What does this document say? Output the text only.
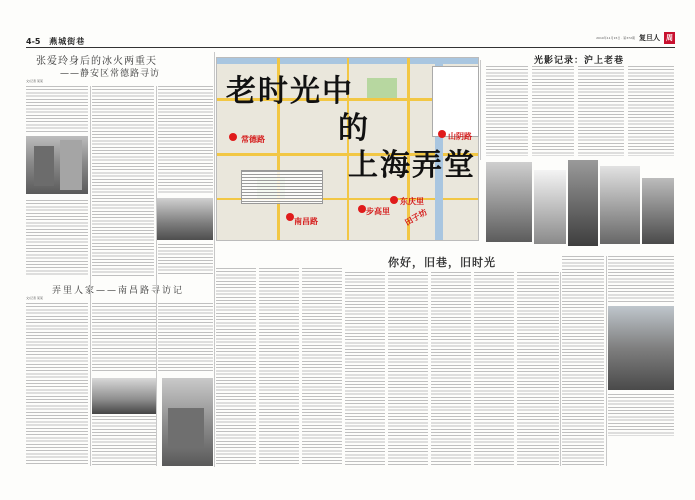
4-5 燕城街巷	2010年11月15日 · 第372期 复旦人 周
张爱玲身后的冰火两重天
——静安区常德路寻访
文/记者 某某
弄里人家——南昌路寻访记
文/记者 某某
老时光中
的
上海弄堂
常德路	山阴路
南昌路
步高里
东庆里
田子坊
你好，旧巷，旧时光
光影记录：沪上老巷
